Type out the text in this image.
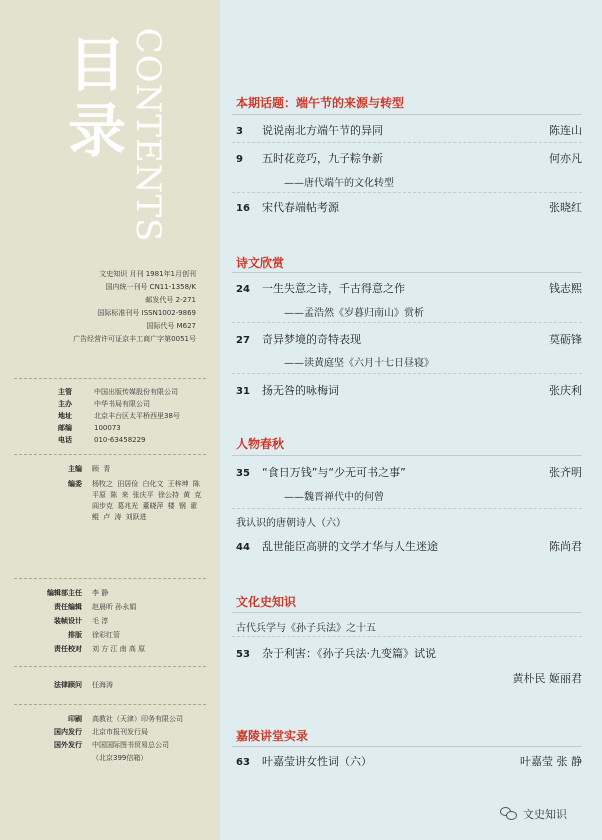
目
录 CONTENTS
文史知识 月刊 1981年1月创刊
国内统一刊号 CN11-1358/K
邮发代号 2-271
国际标准刊号 ISSN1002-9869
国际代号 M627
广告经营许可证京丰工商广字第0051号
主管	中国出版传媒股份有限公司
主办	中华书局有限公司
地址	北京丰台区太平桥西里38号
邮编	100073
电话	010-63458229
主编	顾 青
编委	杨牧之 田居俭 白化文 王梓坤 陈平原 陈 来 张庆平 徐公持 黄 克 阎步克 葛兆光 董晓萍 楼 钢 翟鲲 卢 涛 刘跃进
编辑部主任	李 静
责任编辑	赵晨昕 孙永娟
装帧设计	毛 淳
排版	徐彩红管
责任校对	刘 方 江 南 高 原
法律顾问	任海涛
印刷	高教社（天津）印务有限公司
国内发行	北京市报刊发行局
国外发行	中国国际图书贸易总公司
（北京399信箱）
本期话题：端午节的来源与转型
3	说说南北方端午节的异同	陈连山
9	五时花竞巧，九子粽争新	何亦凡
——唐代端午的文化转型
16	宋代春端帖考源	张晓红
诗文欣赏
24	一生失意之诗，千古得意之作	钱志熙
——孟浩然《岁暮归南山》赏析
27	奇异梦境的奇特表现	莫砺锋
——读黄庭坚《六月十七日昼寝》
31	扬无咎的咏梅词	张庆利
人物春秋
35	“食日万钱”与“少无可书之事”	张齐明
——魏晋禅代中的何曾
我认识的唐朝诗人（六）
44	乱世能臣高骈的文学才华与人生迷途	陈尚君
文化史知识
古代兵学与《孙子兵法》之十五
53	杂于利害：《孙子兵法·九变篇》试说
黄朴民 姬丽君
嘉陵讲堂实录
63	叶嘉莹讲女性词（六）	叶嘉莹 张 静
文史知识
